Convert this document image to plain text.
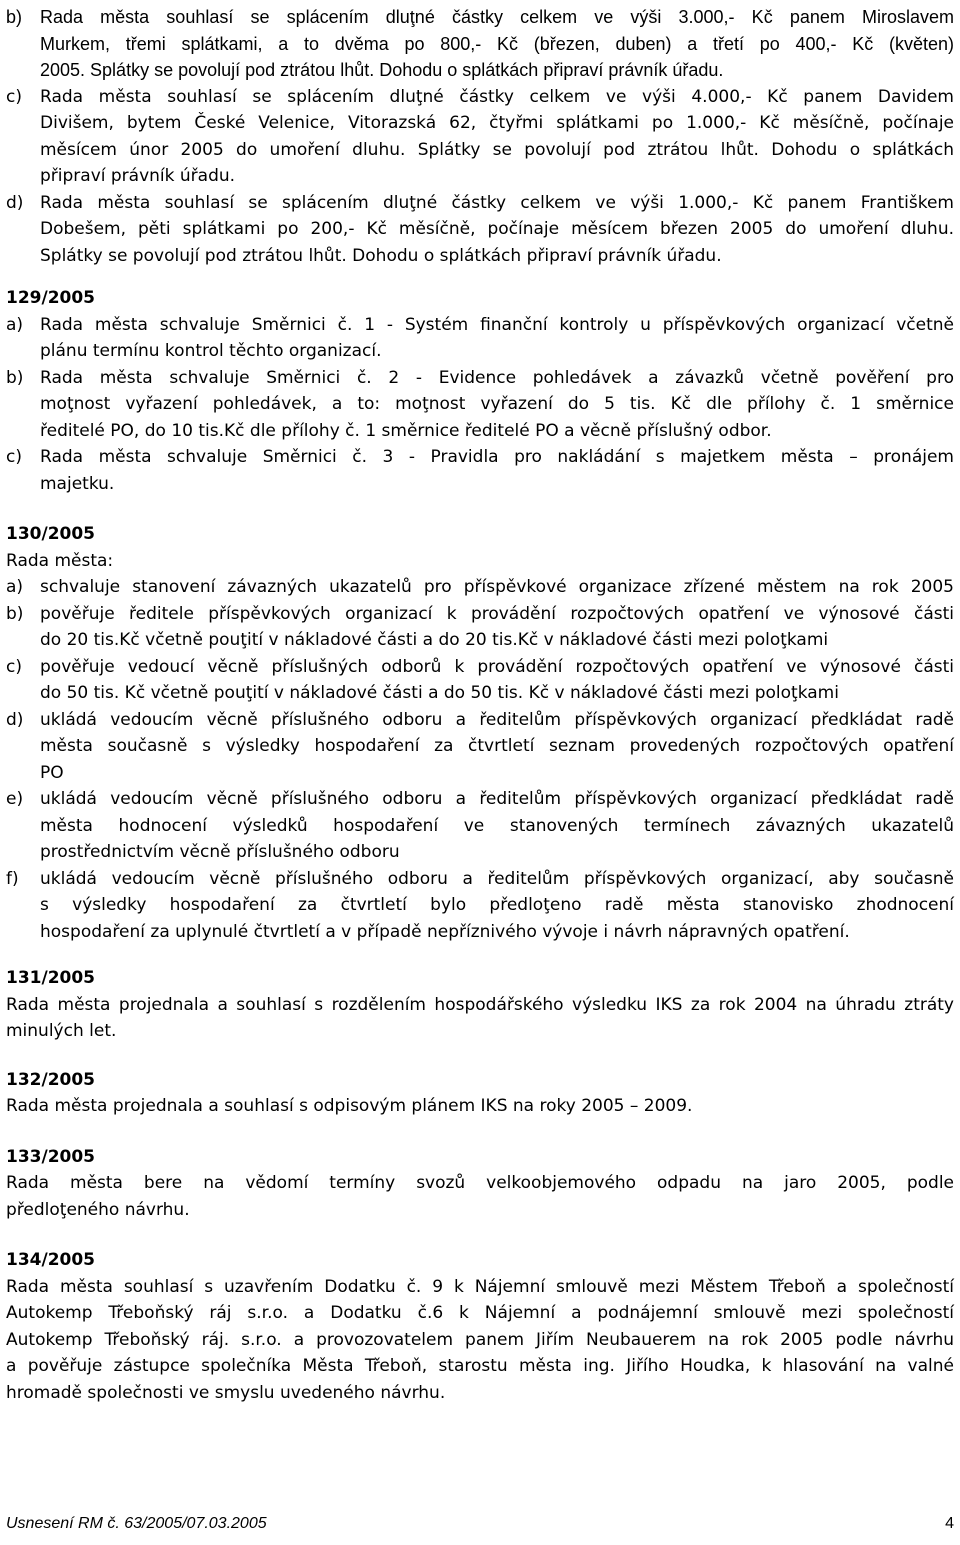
b) Rada města souhlasí se splácením dluţné částky celkem ve výši 3.000,- Kč panem Miroslavem
Murkem, třemi splátkami, a to dvěma po 800,- Kč (březen, duben) a třetí po 400,- Kč (květen)
2005. Splátky se povolují pod ztrátou lhůt. Dohodu o splátkách připraví právník úřadu.
c) Rada města souhlasí se splácením dluţné částky celkem ve výši 4.000,- Kč panem Davidem
Divišem, bytem České Velenice, Vitorazská 62, čtyřmi splátkami po 1.000,- Kč měsíčně, počínaje
měsícem únor 2005 do umoření dluhu. Splátky se povolují pod ztrátou lhůt. Dohodu o splátkách
připraví právník úřadu.
d) Rada města souhlasí se splácením dluţné částky celkem ve výši 1.000,- Kč panem Františkem
Dobešem, pěti splátkami po 200,- Kč měsíčně, počínaje měsícem březen 2005 do umoření dluhu.
Splátky se povolují pod ztrátou lhůt. Dohodu o splátkách připraví právník úřadu.
129/2005
a) Rada města schvaluje Směrnici č. 1 - Systém finanční kontroly u příspěvkových organizací včetně
plánu termínu kontrol těchto organizací.
b) Rada města schvaluje Směrnici č. 2 - Evidence pohledávek a závazků včetně pověření pro
moţnost vyřazení pohledávek, a to: moţnost vyřazení do 5 tis. Kč dle přílohy č. 1 směrnice
ředitelé PO, do 10 tis.Kč dle přílohy č. 1 směrnice ředitelé PO a věcně příslušný odbor.
c) Rada města schvaluje Směrnici č. 3 - Pravidla pro nakládání s majetkem města – pronájem
majetku.
130/2005
Rada města:
a) schvaluje stanovení závazných ukazatelů pro příspěvkové organizace zřízené městem na rok 2005
b) pověřuje ředitele příspěvkových organizací k provádění rozpočtových opatření ve výnosové části
do 20 tis.Kč včetně pouţití v nákladové části a do 20 tis.Kč v nákladové části mezi poloţkami
c) pověřuje vedoucí věcně příslušných odborů k provádění rozpočtových opatření ve výnosové části
do 50 tis. Kč včetně pouţití v nákladové části a do 50 tis. Kč v nákladové části mezi poloţkami
d) ukládá vedoucím věcně příslušného odboru a ředitelům příspěvkových organizací předkládat radě
města současně s výsledky hospodaření za čtvrtletí seznam provedených rozpočtových opatření
PO
e) ukládá vedoucím věcně příslušného odboru a ředitelům příspěvkových organizací předkládat radě
města hodnocení výsledků hospodaření ve stanovených termínech závazných ukazatelů
prostřednictvím věcně příslušného odboru
f) ukládá vedoucím věcně příslušného odboru a ředitelům příspěvkových organizací, aby současně
s výsledky hospodaření za čtvrtletí bylo předloţeno radě města stanovisko zhodnocení
hospodaření za uplynulé čtvrtletí a v případě nepříznivého vývoje i návrh nápravných opatření.
131/2005
Rada města projednala a souhlasí s rozdělením hospodářského výsledku IKS za rok 2004 na úhradu ztráty
minulých let.
132/2005
Rada města projednala a souhlasí s odpisovým plánem IKS na roky 2005 – 2009.
133/2005
Rada města bere na vědomí termíny svozů velkoobjemového odpadu na jaro 2005, podle
předloţeného návrhu.
134/2005
Rada města souhlasí s uzavřením Dodatku č. 9 k Nájemní smlouvě mezi Městem Třeboň a společností
Autokemp Třeboňský ráj s.r.o. a Dodatku č.6 k Nájemní a podnájemní smlouvě mezi společností
Autokemp Třeboňský ráj. s.r.o. a provozovatelem panem Jiřím Neubauerem na rok 2005 podle návrhu
a pověřuje zástupce společníka Města Třeboň, starostu města ing. Jiřího Houdka, k hlasování na valné
hromadě společnosti ve smyslu uvedeného návrhu.
Usnesení RM č. 63/2005/07.03.2005	4
